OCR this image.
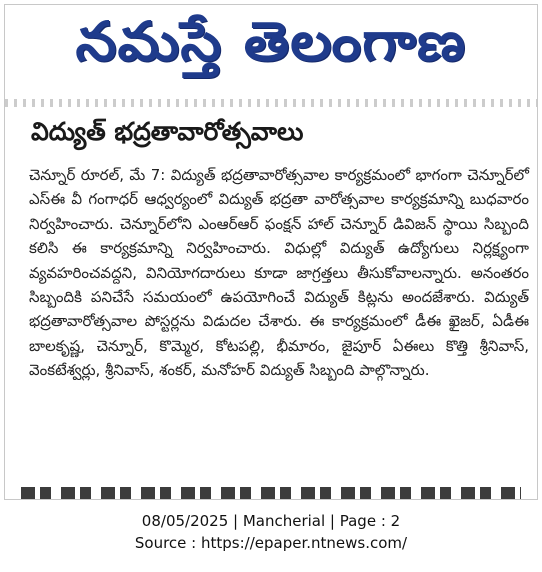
నమస్తే తెలంగాణ
విద్యుత్ భద్రతావారోత్సవాలు

చెన్నూర్ రూరల్, మే 7: విద్యుత్ భద్రతావారోత్సవాల కార్యక్రమంలో భాగంగా చెన్నూర్‌లో ఎస్ఈ వీ గంగాధర్ ఆధ్వర్యంలో విద్యుత్ భద్రతా వారోత్సవాల కార్యక్రమాన్ని బుధవారం నిర్వహించారు. చెన్నూర్‌లోని ఎంఆర్ఆర్ ఫంక్షన్ హాల్ చెన్నూర్ డివిజన్ స్థాయి సిబ్బంది కలిసి ఈ కార్యక్రమాన్ని నిర్వహించారు. విధుల్లో విద్యుత్ ఉద్యోగులు నిర్లక్ష్యంగా వ్యవహరించవద్దని, వినియోగదారులు కూడా జాగ్రత్తలు తీసుకోవాలన్నారు. అనంతరం సిబ్బందికి పనిచేసే సమయంలో ఉపయోగించే విద్యుత్ కిట్లను అందజేశారు. విద్యుత్ భద్రతావారోత్సవాల పోస్టర్లను విడుదల చేశారు. ఈ కార్యక్రమంలో డీఈ ఖైజర్, ఏడీఈ బాలకృష్ణ, చెన్నూర్, కొమ్మెర, కోటపల్లి, భీమారం, జైపూర్ ఏఈలు కొత్తి శ్రీనివాస్, వెంకటేశ్వర్లు, శ్రీనివాస్, శంకర్, మనోహర్ విద్యుత్ సిబ్బంది పాల్గొన్నారు.

08/05/2025 | Mancherial | Page : 2
Source : https://epaper.ntnews.com/
